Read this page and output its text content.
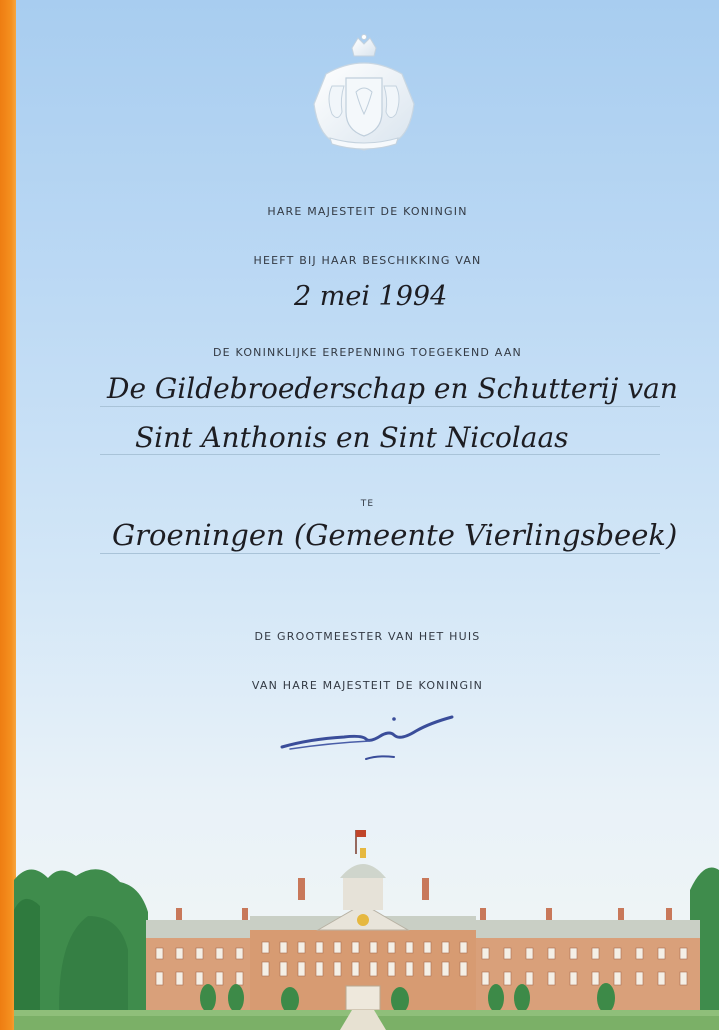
HARE MAJESTEIT DE KONINGIN
HEEFT BIJ HAAR BESCHIKKING VAN
2 mei 1994
DE KONINKLIJKE EREPENNING TOEGEKEND AAN
De Gildebroederschap en Schutterij van
Sint Anthonis en Sint Nicolaas
TE
Groeningen (Gemeente Vierlingsbeek)
DE GROOTMEESTER VAN HET HUIS
VAN HARE MAJESTEIT DE KONINGIN
